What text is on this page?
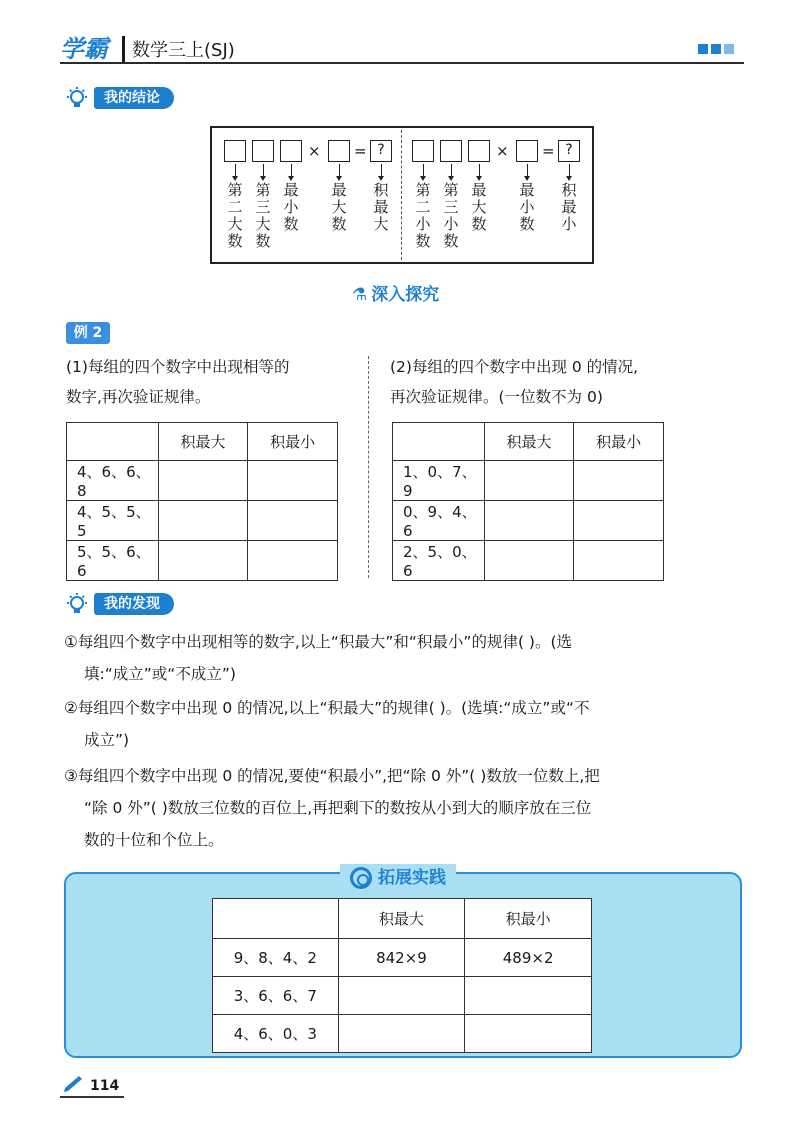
学霸 数学三上(SJ)
我的结论
× = ?
第二大数
第三大数
最小数
最大数
积最大
× = ?
第二小数
第三小数
最大数
最小数
积最小
⚗ 深入探究
例 2
(1)每组的四个数字中出现相等的
数字,再次验证规律。
(2)每组的四个数字中出现 0 的情况,
再次验证规律。(一位数不为 0)
	积最大	积最小
4、6、6、8		
4、5、5、5		
5、5、6、6		
	积最大	积最小
1、0、7、9		
0、9、4、6		
2、5、0、6		
我的发现
①每组四个数字中出现相等的数字,以上“积最大”和“积最小”的规律( )。(选
填:“成立”或“不成立”)
②每组四个数字中出现 0 的情况,以上“积最大”的规律( )。(选填:“成立”或“不
成立”)
③每组四个数字中出现 0 的情况,要使“积最小”,把“除 0 外”( )数放一位数上,把
“除 0 外”( )数放三位数的百位上,再把剩下的数按从小到大的顺序放在三位
数的十位和个位上。
拓展实践
	积最大	积最小
9、8、4、2	842×9	489×2
3、6、6、7		
4、6、0、3		
114
